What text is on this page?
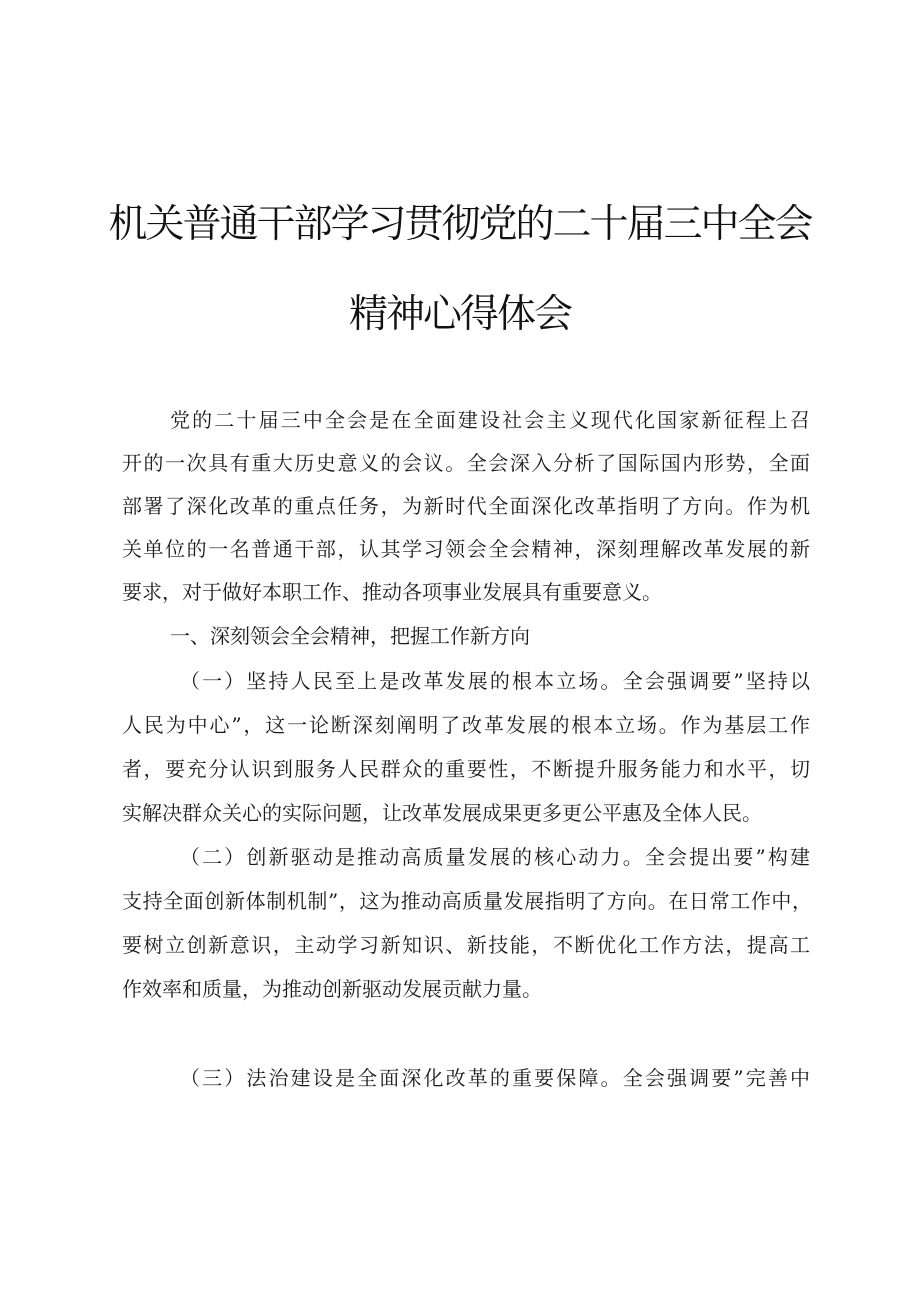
机关普通干部学习贯彻党的二十届三中全会
精神心得体会
党的二十届三中全会是在全面建设社会主义现代化国家新征程上召
开的一次具有重大历史意义的会议。全会深入分析了国际国内形势，全面
部署了深化改革的重点任务，为新时代全面深化改革指明了方向。作为机
关单位的一名普通干部，认其学习领会全会精神，深刻理解改革发展的新
要求，对于做好本职工作、推动各项事业发展具有重要意义。
一、深刻领会全会精神，把握工作新方向
（一）坚持人民至上是改革发展的根本立场。全会强调要”坚持以
人民为中心”，这一论断深刻阐明了改革发展的根本立场。作为基层工作
者，要充分认识到服务人民群众的重要性，不断提升服务能力和水平，切
实解决群众关心的实际问题，让改革发展成果更多更公平惠及全体人民。
（二）创新驱动是推动高质量发展的核心动力。全会提出要”构建
支持全面创新体制机制”，这为推动高质量发展指明了方向。在日常工作中，
要树立创新意识，主动学习新知识、新技能，不断优化工作方法，提高工
作效率和质量，为推动创新驱动发展贡献力量。
（三）法治建设是全面深化改革的重要保障。全会强调要”完善中
